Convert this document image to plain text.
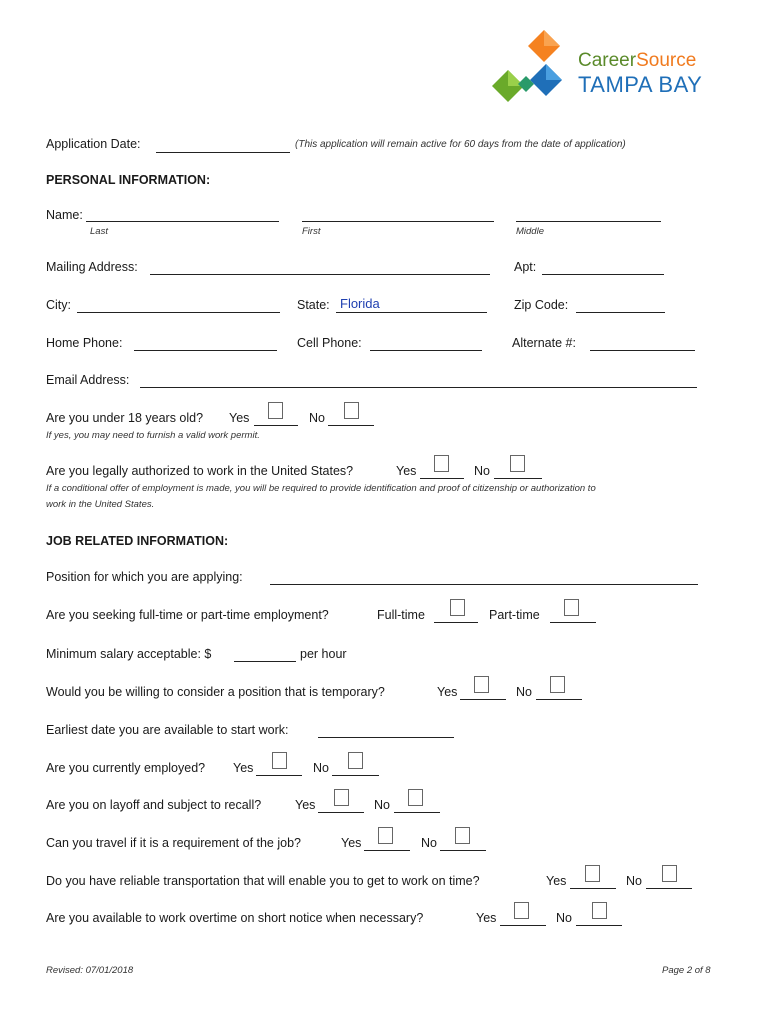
CareerSource
TAMPA BAY
Application Date:	(This application will remain active for 60 days from the date of application)
PERSONAL INFORMATION:
Name:
Last	First	Middle
Mailing Address:	Apt:
City:	State: Florida	Zip Code:
Home Phone:	Cell Phone:	Alternate #:
Email Address:
Are you under 18 years old? Yes	No
If yes, you may need to furnish a valid work permit.
Are you legally authorized to work in the United States?	Yes	No
If a conditional offer of employment is made, you will be required to provide identification and proof of citizenship or authorization to
work in the United States.
JOB RELATED INFORMATION:
Position for which you are applying:
Are you seeking full-time or part-time employment?	Full-time	Part-time
Minimum salary acceptable: $	per hour
Would you be willing to consider a position that is temporary?	Yes	No
Earliest date you are available to start work:
Are you currently employed? Yes	No
Are you on layoff and subject to recall?	Yes	No
Can you travel if it is a requirement of the job?	Yes	No
Do you have reliable transportation that will enable you to get to work on time?	Yes	No
Are you available to work overtime on short notice when necessary?	Yes	No
Revised: 07/01/2018	Page 2 of 8
